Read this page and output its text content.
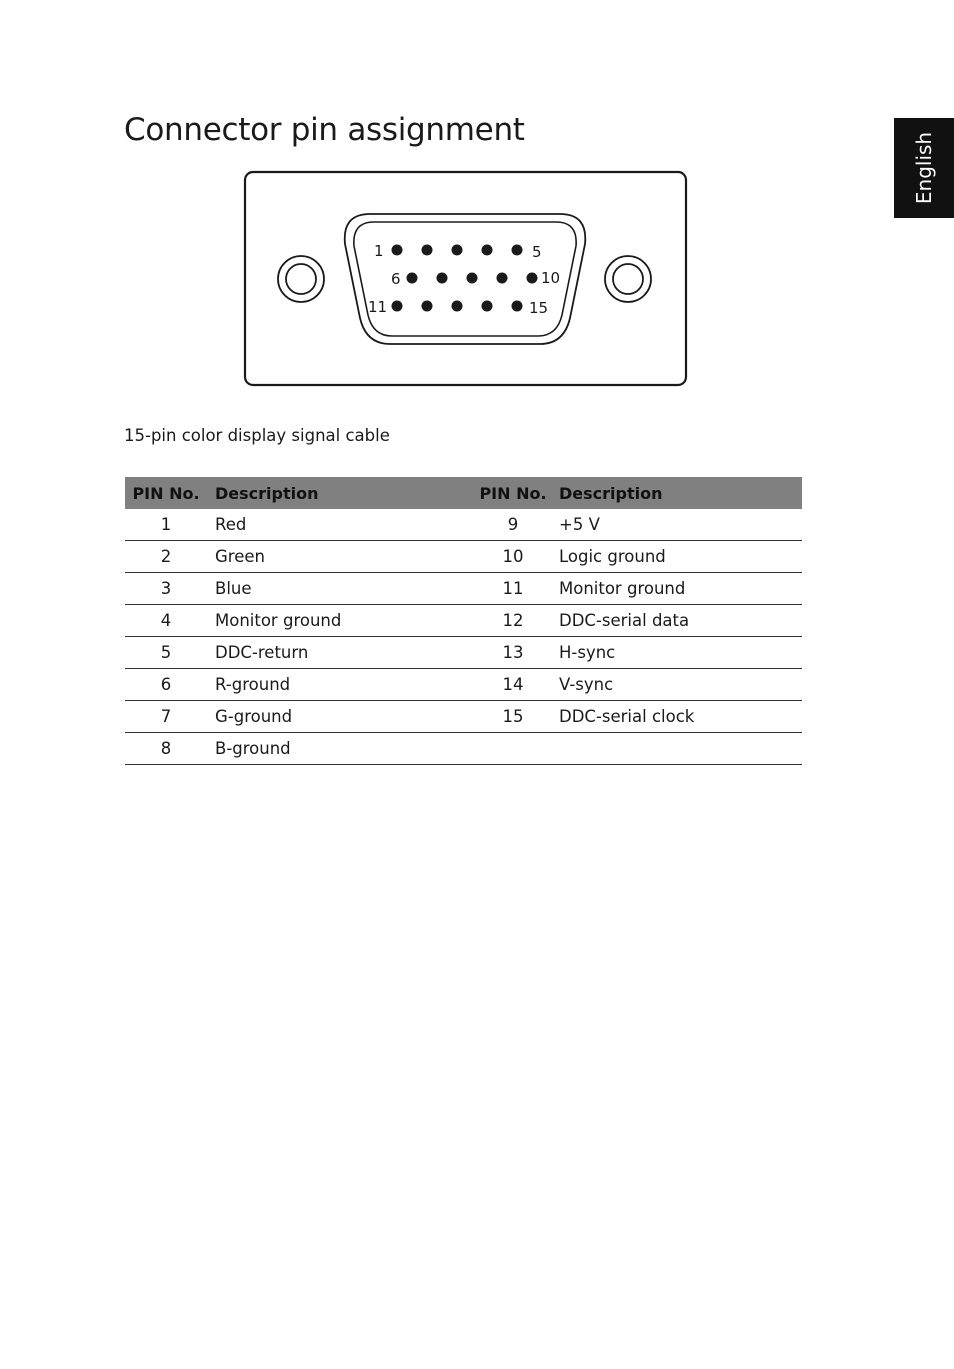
Connector pin assignment
English
1	5
6	10
11	15

15-pin color display signal cable

PIN No.	Description	PIN No.	Description
1	Red	9	+5 V
2	Green	10	Logic ground
3	Blue	11	Monitor ground
4	Monitor ground	12	DDC-serial data
5	DDC-return	13	H-sync
6	R-ground	14	V-sync
7	G-ground	15	DDC-serial clock
8	B-ground		
